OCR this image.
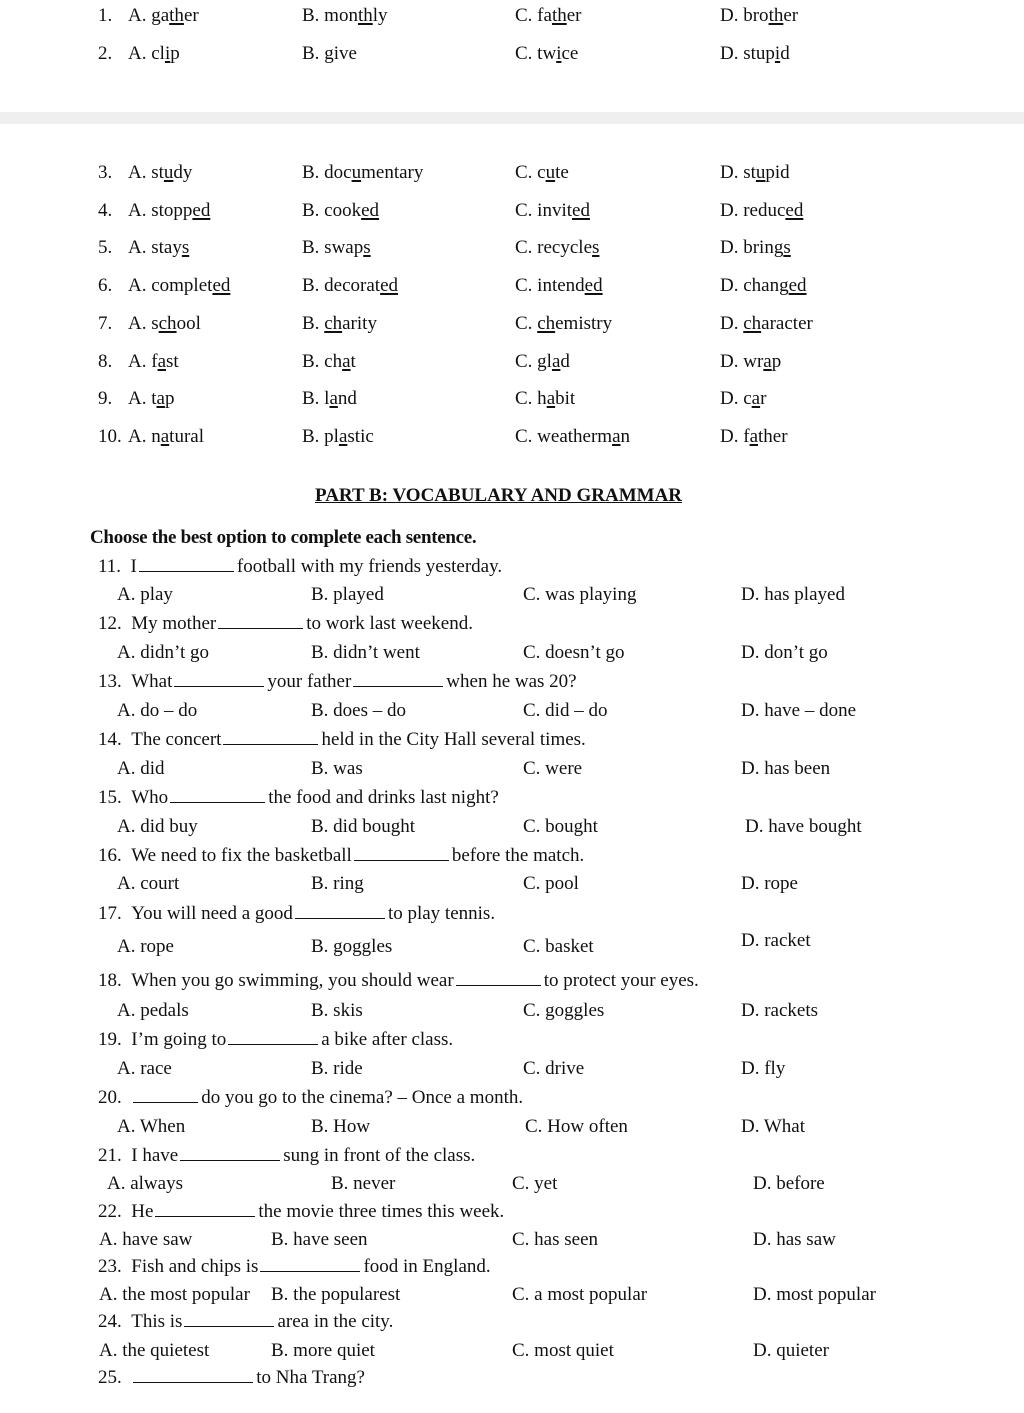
1. A. gather	B. monthly	C. father	D. brother
2. A. clip	B. give	C. twice	D. stupid
3. A. study	B. documentary	C. cute	D. stupid
4. A. stopped	B. cooked	C. invited	D. reduced
5. A. stays	B. swaps	C. recycles	D. brings
6. A. completed	B. decorated	C. intended	D. changed
7. A. school	B. charity	C. chemistry	D. character
8. A. fast	B. chat	C. glad	D. wrap
9. A. tap	B. land	C. habit	D. car
10. A. natural	B. plastic	C. weatherman	D. father
PART B: VOCABULARY AND GRAMMAR
Choose the best option to complete each sentence.
11.  I	football with my friends yesterday.
A. play	B. played	C. was playing	D. has played
12.  My mother	to work last weekend.
A. didn’t go	B. didn’t went	C. doesn’t go	D. don’t go
13.  What	your father	when he was 20?
A. do – do	B. does – do	C. did – do	D. have – done
14.  The concert	held in the City Hall several times.
A. did	B. was	C. were	D. has been
15.  Who	the food and drinks last night?
A. did buy	B. did bought	C. bought	D. have bought
16.  We need to fix the basketball	before the match.
A. court	B. ring	C. pool	D. rope
17.  You will need a good	to play tennis.
A. rope	B. goggles	C. basket	D. racket
18.  When you go swimming, you should wear	to protect your eyes.
A. pedals	B. skis	C. goggles	D. rackets
19.  I’m going to	a bike after class.
A. race	B. ride	C. drive	D. fly
20.	do you go to the cinema? – Once a month.
A. When	B. How	C. How often	D. What
21.  I have	sung in front of the class.
A. always	B. never	C. yet	D. before
22.  He	the movie three times this week.
A. have saw	B. have seen	C. has seen	D. has saw
23.  Fish and chips is	food in England.
A. the most popular B. the popularest	C. a most popular	D. most popular
24.  This is	area in the city.
A. the quietest	B. more quiet	C. most quiet	D. quieter
25.	to Nha Trang?
